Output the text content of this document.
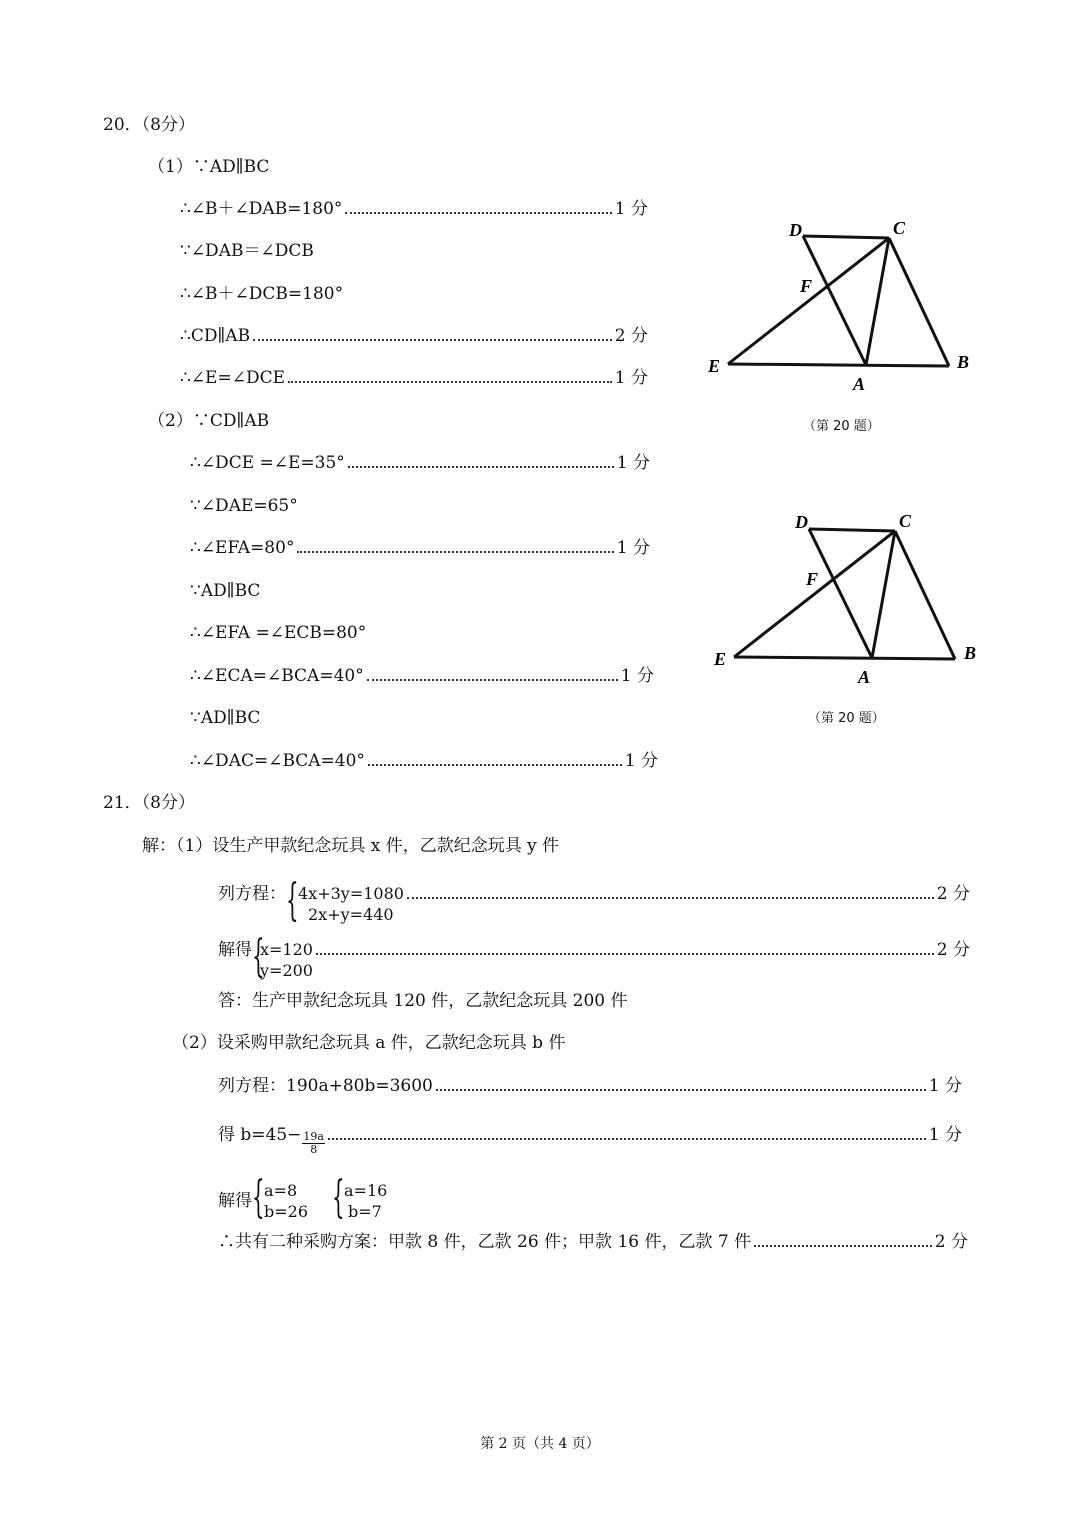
20．（8分）
（1）∵AD∥BC
∴∠B＋∠DAB=180°	1 分
∵∠DAB＝∠DCB
∴∠B＋∠DCB=180°
∴CD∥AB	2 分
∴∠E=∠DCE	1 分
（2）∵CD∥AB
∴∠DCE =∠E=35°	1 分
∵∠DAE=65°
∴∠EFA=80°	1 分
∵AD∥BC
∴∠EFA =∠ECB=80°
∴∠ECA=∠BCA=40°	1 分
∵AD∥BC
∴∠DAC=∠BCA=40°	1 分
D	C
F
E
A
B
（第 20 题）
D	C
F
E
A
B
（第 20 题）
21．（8分）
解：（1）设生产甲款纪念玩具 x 件，乙款纪念玩具 y 件
列方程： { 4x+3y=1080
2x+y=440
2 分
解得 {
x=120
y=200
2 分
答：生产甲款纪念玩具 120 件，乙款纪念玩具 200 件
（2）设采购甲款纪念玩具 a 件，乙款纪念玩具 b 件
列方程：190a+80b=3600	1 分
得 $b=45- \frac{19a}{8}$	1 分
解得 { a=8
b=26 { a=16
b=7
∴共有二种采购方案：甲款 8 件，乙款 26 件；甲款 16 件，乙款 7 件	2 分
第 2 页（共 4 页）
